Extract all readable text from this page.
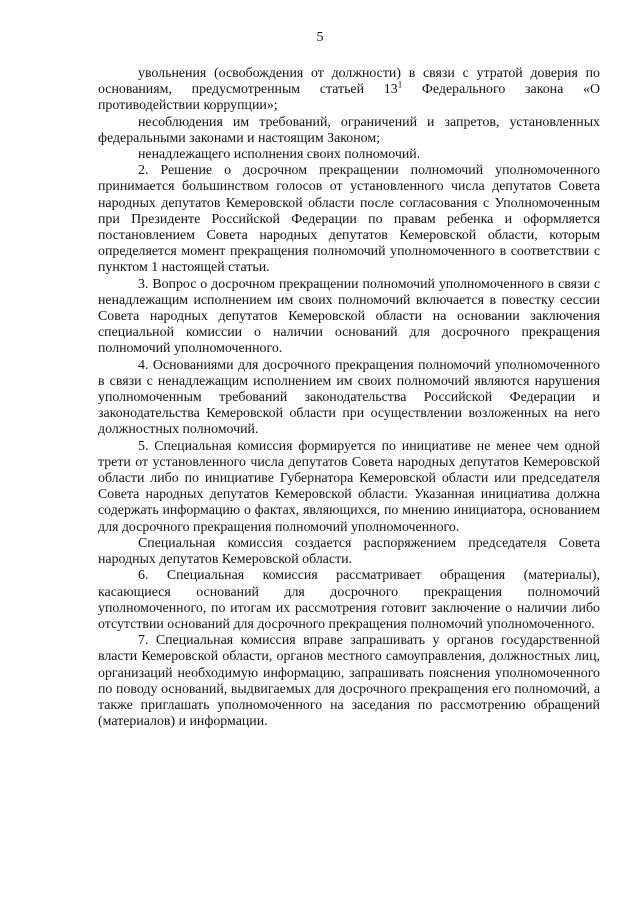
5

увольнения (освобождения от должности) в связи с утратой доверия по основаниям, предусмотренным статьей $13^1$ Федерального закона «О противодействии коррупции»;

несоблюдения им требований, ограничений и запретов, установленных федеральными законами и настоящим Законом;

ненадлежащего исполнения своих полномочий.

2. Решение о досрочном прекращении полномочий уполномоченного принимается большинством голосов от установленного числа депутатов Совета народных депутатов Кемеровской области после согласования с Уполномоченным при Президенте Российской Федерации по правам ребенка и оформляется постановлением Совета народных депутатов Кемеровской области, которым определяется момент прекращения полномочий уполномоченного в соответствии с пунктом 1 настоящей статьи.

3. Вопрос о досрочном прекращении полномочий уполномоченного в связи с ненадлежащим исполнением им своих полномочий включается в повестку сессии Совета народных депутатов Кемеровской области на основании заключения специальной комиссии о наличии оснований для досрочного прекращения полномочий уполномоченного.

4. Основаниями для досрочного прекращения полномочий уполномоченного в связи с ненадлежащим исполнением им своих полномочий являются нарушения уполномоченным требований законодательства Российской Федерации и законодательства Кемеровской области при осуществлении возложенных на него должностных полномочий.

5. Специальная комиссия формируется по инициативе не менее чем одной трети от установленного числа депутатов Совета народных депутатов Кемеровской области либо по инициативе Губернатора Кемеровской области или председателя Совета народных депутатов Кемеровской области. Указанная инициатива должна содержать информацию о фактах, являющихся, по мнению инициатора, основанием для досрочного прекращения полномочий уполномоченного.

Специальная комиссия создается распоряжением председателя Совета народных депутатов Кемеровской области.

6. Специальная комиссия рассматривает обращения (материалы), касающиеся оснований для досрочного прекращения полномочий уполномоченного, по итогам их рассмотрения готовит заключение о наличии либо отсутствии оснований для досрочного прекращения полномочий уполномоченного.

7. Специальная комиссия вправе запрашивать у органов государственной власти Кемеровской области, органов местного самоуправления, должностных лиц, организаций необходимую информацию, запрашивать пояснения уполномоченного по поводу оснований, выдвигаемых для досрочного прекращения его полномочий, а также приглашать уполномоченного на заседания по рассмотрению обращений (материалов) и информации.
